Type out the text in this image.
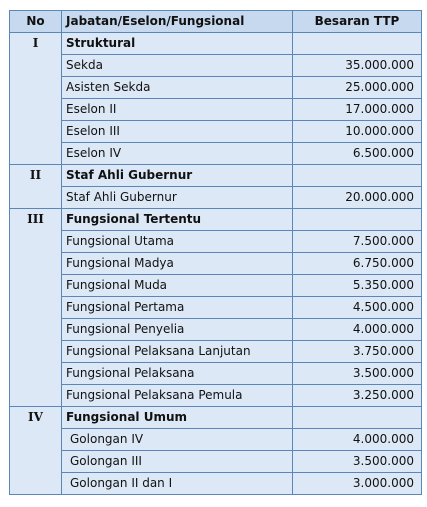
No	Jabatan/Eselon/Fungsional	Besaran TTP
I	Struktural	
	Sekda	35.000.000
	Asisten Sekda	25.000.000
	Eselon II	17.000.000
	Eselon III	10.000.000
	Eselon IV	6.500.000
II	Staf Ahli Gubernur	
	Staf Ahli Gubernur	20.000.000
III	Fungsional Tertentu	
	Fungsional Utama	7.500.000
	Fungsional Madya	6.750.000
	Fungsional Muda	5.350.000
	Fungsional Pertama	4.500.000
	Fungsional Penyelia	4.000.000
	Fungsional Pelaksana Lanjutan	3.750.000
	Fungsional Pelaksana	3.500.000
	Fungsional Pelaksana Pemula	3.250.000
IV	Fungsional Umum	
	Golongan IV	4.000.000
	Golongan III	3.500.000
	Golongan II dan I	3.000.000
